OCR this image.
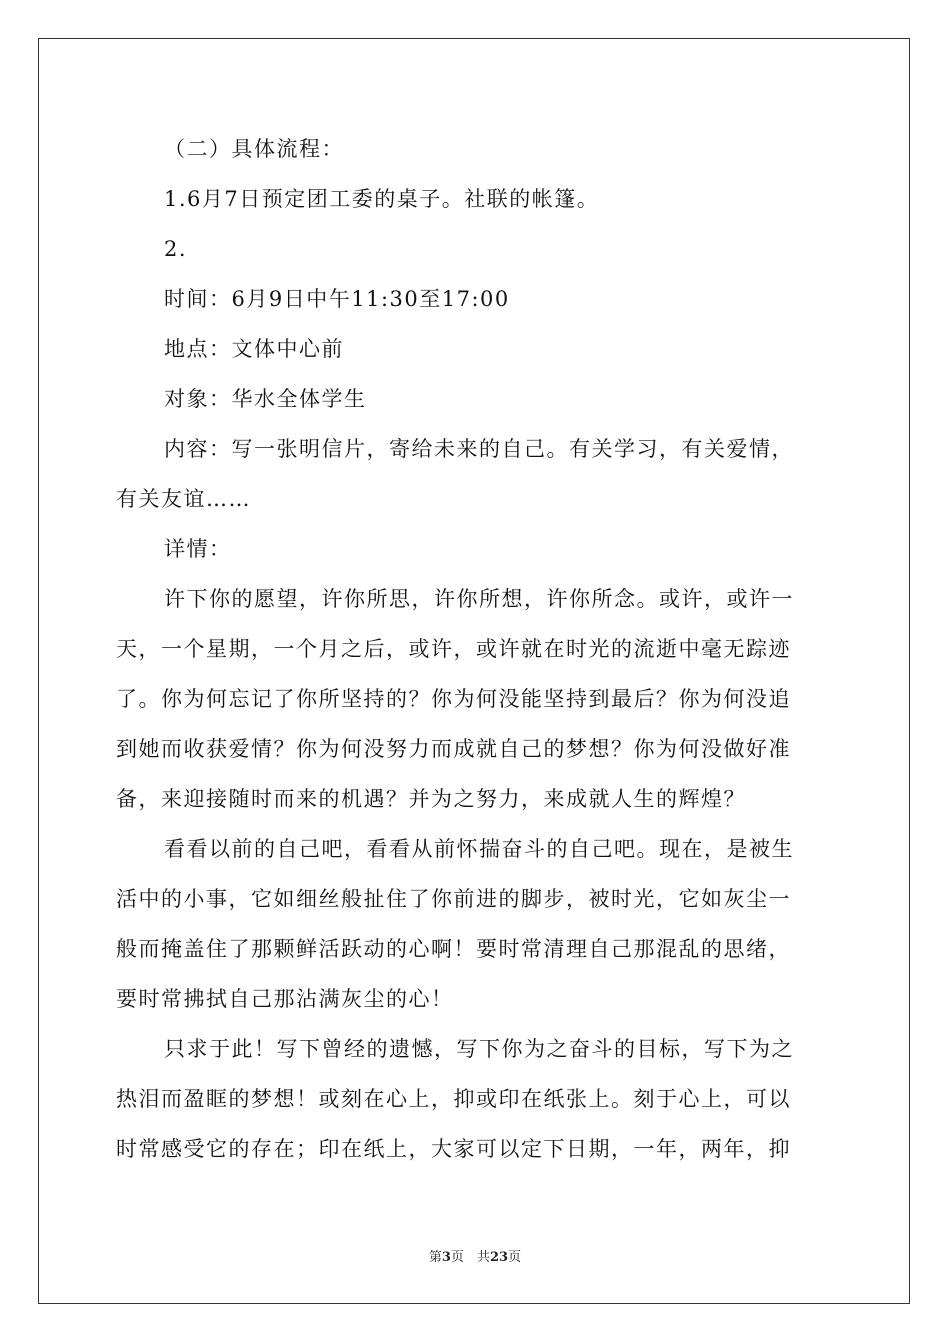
（二）具体流程：
1.6月7日预定团工委的桌子。社联的帐篷。
2.
时间：6月9日中午11:30至17:00
地点：文体中心前
对象：华水全体学生
内容：写一张明信片，寄给未来的自己。有关学习，有关爱情，
有关友谊……
详情：
许下你的愿望，许你所思，许你所想，许你所念。或许，或许一
天，一个星期，一个月之后，或许，或许就在时光的流逝中毫无踪迹
了。你为何忘记了你所坚持的？你为何没能坚持到最后？你为何没追
到她而收获爱情？你为何没努力而成就自己的梦想？你为何没做好准
备，来迎接随时而来的机遇？并为之努力，来成就人生的辉煌？
看看以前的自己吧，看看从前怀揣奋斗的自己吧。现在，是被生
活中的小事，它如细丝般扯住了你前进的脚步，被时光，它如灰尘一
般而掩盖住了那颗鲜活跃动的心啊！要时常清理自己那混乱的思绪，
要时常拂拭自己那沾满灰尘的心！
只求于此！写下曾经的遗憾，写下你为之奋斗的目标，写下为之
热泪而盈眶的梦想！或刻在心上，抑或印在纸张上。刻于心上，可以
时常感受它的存在；印在纸上，大家可以定下日期，一年，两年，抑
第3页　共23页
